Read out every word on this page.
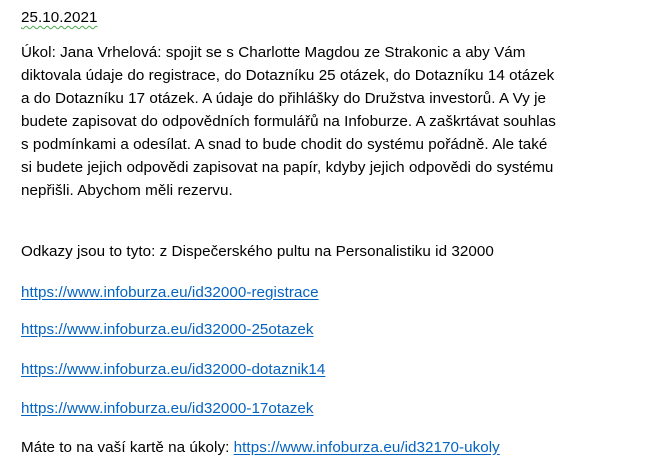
25.10.2021
Úkol: Jana Vrhelová: spojit se s Charlotte Magdou ze Strakonic a aby Vám
diktovala údaje do registrace, do Dotazníku 25 otázek, do Dotazníku 14 otázek
a do Dotazníku 17 otázek. A údaje do přihlášky do Družstva investorů. A Vy je
budete zapisovat do odpovědních formulářů na Infoburze. A zaškrtávat souhlas
s podmínkami a odesílat. A snad to bude chodit do systému pořádně. Ale také
si budete jejich odpovědi zapisovat na papír, kdyby jejich odpovědi do systému
nepřišli. Abychom měli rezervu.
Odkazy jsou to tyto: z Dispečerského pultu na Personalistiku id 32000
https://www.infoburza.eu/id32000-registrace
https://www.infoburza.eu/id32000-25otazek
https://www.infoburza.eu/id32000-dotaznik14
https://www.infoburza.eu/id32000-17otazek
Máte to na vaší kartě na úkoly: https://www.infoburza.eu/id32170-ukoly
